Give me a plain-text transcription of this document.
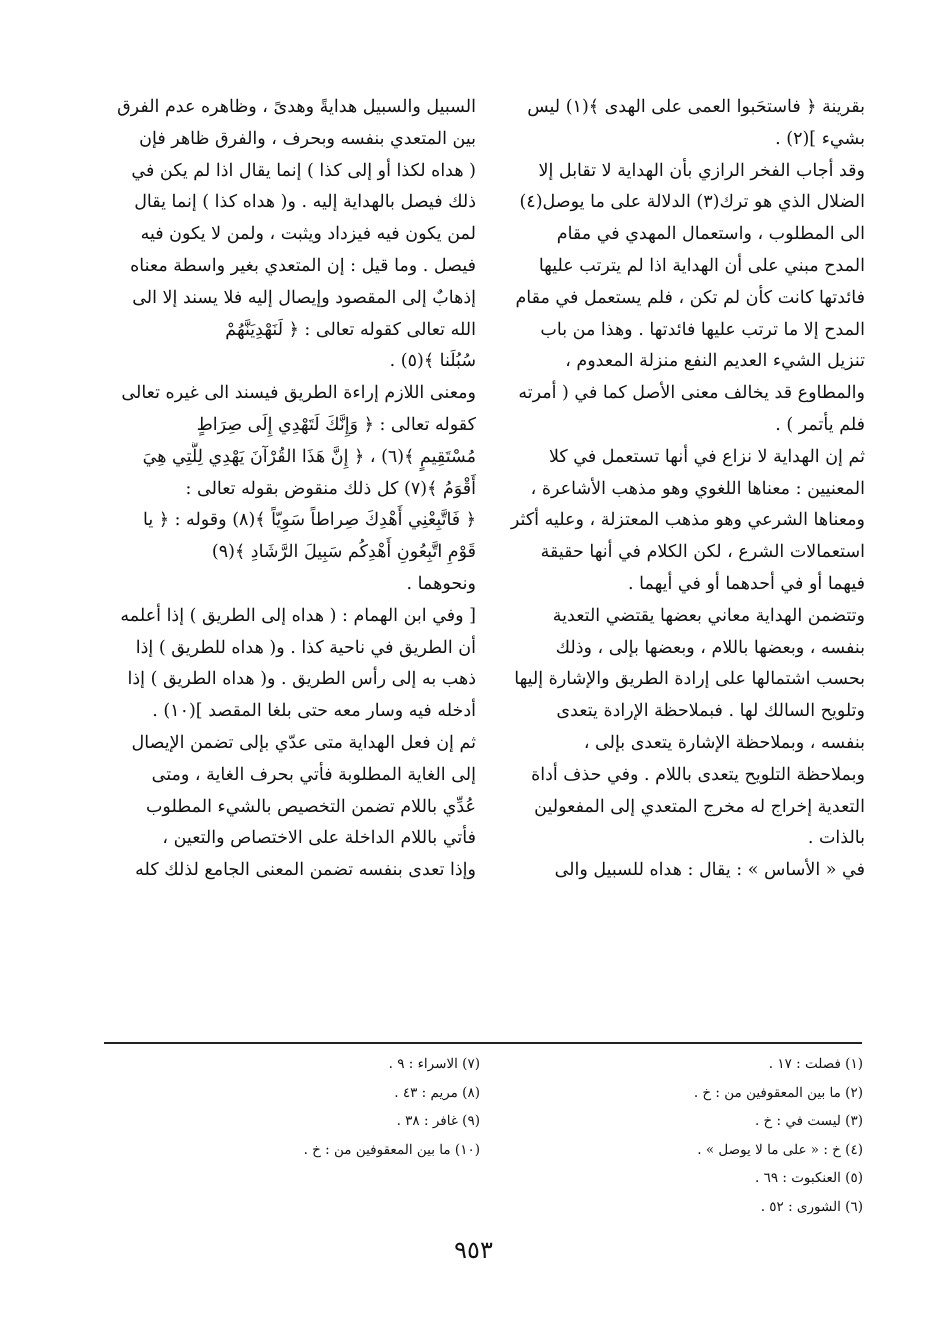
بقرينة ﴿ فاستحَبوا العمى على الهدى ﴾(١) ليس
بشيء ](٢) .
وقد أجاب الفخر الرازي بأن الهداية لا تقابل إلا
الضلال الذي هو ترك(٣) الدلالة على ما يوصل(٤)
الى المطلوب ، واستعمال المهدي في مقام
المدح مبني على أن الهداية اذا لم يترتب عليها
فائدتها كانت كأن لم تكن ، فلم يستعمل في مقام
المدح إلا ما ترتب عليها فائدتها . وهذا من باب
تنزيل الشيء العديم النفع منزلة المعدوم ،
والمطاوع قد يخالف معنى الأصل كما في ( أمرته
فلم يأتمر ) .
ثم إن الهداية لا نزاع في أنها تستعمل في كلا
المعنيين : معناها اللغوي وهو مذهب الأشاعرة ،
ومعناها الشرعي وهو مذهب المعتزلة ، وعليه أكثر
استعمالات الشرع ، لكن الكلام في أنها حقيقة
فيهما أو في أحدهما أو في أيهما .
وتتضمن الهداية معاني بعضها يقتضي التعدية
بنفسه ، وبعضها باللام ، وبعضها بإلى ، وذلك
بحسب اشتمالها على إرادة الطريق والإشارة إليها
وتلويح السالك لها . فبملاحظة الإرادة يتعدى
بنفسه ، وبملاحظة الإشارة يتعدى بإلى ،
وبملاحظة التلويح يتعدى باللام . وفي حذف أداة
التعدية إخراج له مخرج المتعدي إلى المفعولين
بالذات .
في « الأساس » : يقال : هداه للسبيل والى
السبيل والسبيل هدايةً وهدىً ، وظاهره عدم الفرق
بين المتعدي بنفسه وبحرف ، والفرق ظاهر فإن
( هداه لكذا أو إلى كذا ) إنما يقال اذا لم يكن في
ذلك فيصل بالهداية إليه . و( هداه كذا ) إنما يقال
لمن يكون فيه فيزداد ويثبت ، ولمن لا يكون فيه
فيصل . وما قيل : إن المتعدي بغير واسطة معناه
إذهابٌ إلى المقصود وإيصال إليه فلا يسند إلا الى
الله تعالى كقوله تعالى : ﴿ لَنَهْدِيَنَّهُمْ
سُبُلَنا ﴾(٥) .
ومعنى اللازم إراءة الطريق فيسند الى غيره تعالى
كقوله تعالى : ﴿ وَإِنَّكَ لَتَهْدِي إِلَى صِرَاطٍ
مُسْتَقِيمٍ ﴾(٦) ، ﴿ إِنَّ هَذَا القُرْآنَ يَهْدِي لِلَّتِي هِيَ
أَقْوَمُ ﴾(٧) كل ذلك منقوض بقوله تعالى :
﴿ فَاتَّبِعْنِي أَهْدِكَ صِراطاً سَوِيّاً ﴾(٨) وقوله : ﴿ يا
قَوْمِ اتَّبِعُونِ أَهْدِكُم سَبِيلَ الرَّشَادِ ﴾(٩)
ونحوهما .
[ وفي ابن الهمام : ( هداه إلى الطريق ) إذا أعلمه
أن الطريق في ناحية كذا . و( هداه للطريق ) إذا
ذهب به إلى رأس الطريق . و( هداه الطريق ) إذا
أدخله فيه وسار معه حتى بلغا المقصد ](١٠) .
ثم إن فعل الهداية متى عدّي بإلى تضمن الإيصال
إلى الغاية المطلوبة فأتي بحرف الغاية ، ومتى
عُدِّي باللام تضمن التخصيص بالشيء المطلوب
فأتي باللام الداخلة على الاختصاص والتعين ،
وإذا تعدى بنفسه تضمن المعنى الجامع لذلك كله
(١) فصلت : ١٧ .
(٢) ما بين المعقوفين من : خ .
(٣) ليست في : خ .
(٤) خ : « على ما لا يوصل » .
(٥) العنكبوت : ٦٩ .
(٦) الشورى : ٥٢ .
(٧) الاسراء : ٩ .
(٨) مريم : ٤٣ .
(٩) غافر : ٣٨ .
(١٠) ما بين المعقوفين من : خ .
٩٥٣
